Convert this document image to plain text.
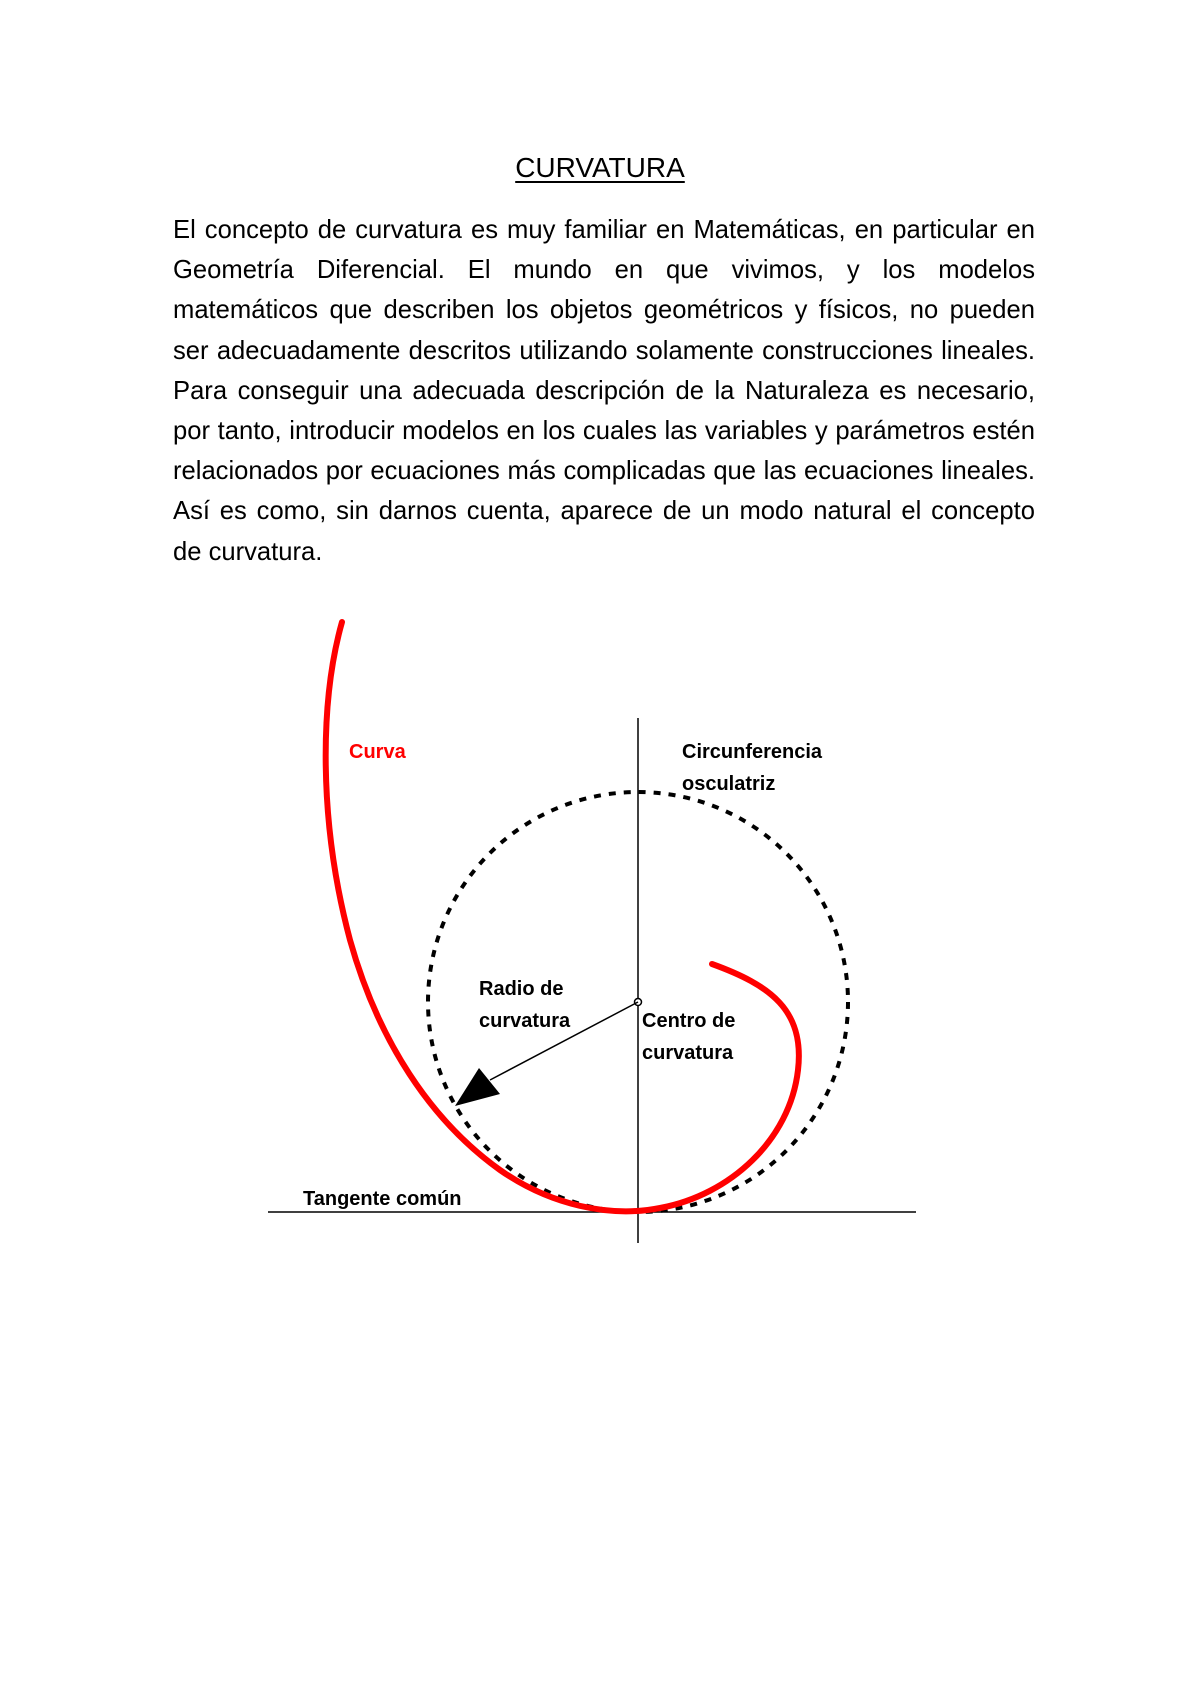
CURVATURA

El concepto de curvatura es muy familiar en Matemáticas, en particular en Geometría Diferencial. El mundo en que vivimos, y los modelos matemáticos que describen los objetos geométricos y físicos, no pueden ser adecuadamente descritos utilizando solamente construcciones lineales. Para conseguir una adecuada descripción de la Naturaleza es necesario, por tanto, introducir modelos en los cuales las variables y parámetros estén relacionados por ecuaciones más complicadas que las ecuaciones lineales. Así es como, sin darnos cuenta, aparece de un modo natural el concepto de curvatura.

Curva	Circunferencia
osculatriz
Radio de
curvatura	Centro de
curvatura
Tangente común
